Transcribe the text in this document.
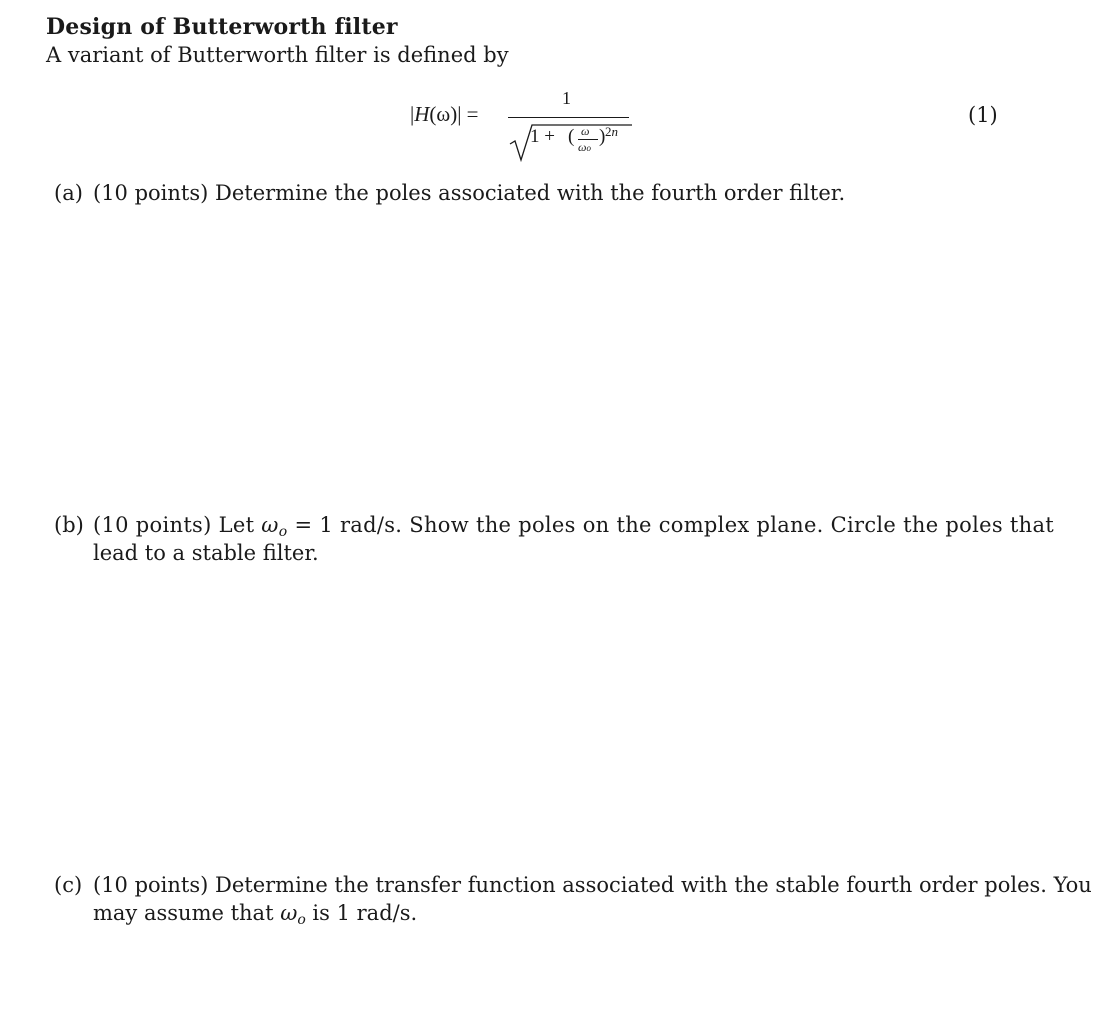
Design of Butterworth filter
A variant of Butterworth filter is defined by
|H(ω)| =
1
1 + ( ω
ωo
) 2n
(1)
(a) (10 points) Determine the poles associated with the fourth order filter.
(b) (10 points) Let $\omega_o = 1$ rad/s. Show the poles on the complex plane. Circle the poles that
lead to a stable filter.
(c) (10 points) Determine the transfer function associated with the stable fourth order poles. You
may assume that $\omega_o$ is 1 rad/s.
